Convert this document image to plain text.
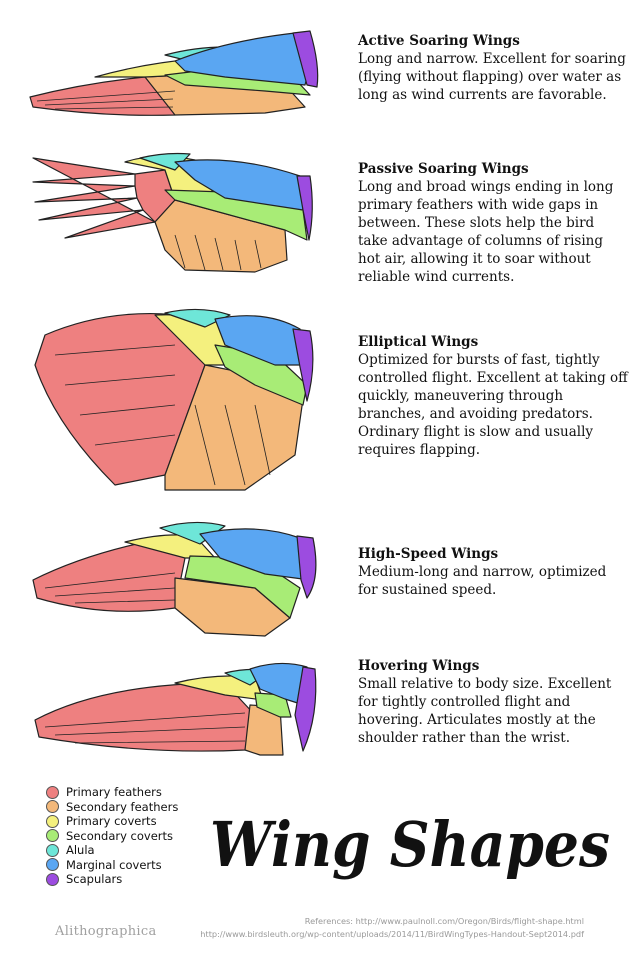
Active Soaring Wings
Long and narrow. Excellent for soaring (flying without flapping) over water as long as wind currents are favorable.
Passive Soaring Wings
Long and broad wings ending in long primary feathers with wide gaps in between. These slots help the bird take advantage of columns of rising hot air, allowing it to soar without reliable wind currents.
Elliptical Wings
Optimized for bursts of fast, tightly controlled flight. Excellent at taking off quickly, maneuvering through branches, and avoiding predators. Ordinary flight is slow and usually requires flapping.
High-Speed Wings
Medium-long and narrow, optimized for sustained speed.
Hovering Wings
Small relative to body size. Excellent for tightly controlled flight and hovering. Articulates mostly at the shoulder rather than the wrist.
Primary feathers
Secondary feathers
Primary coverts
Secondary coverts
Alula
Marginal coverts
Scapulars Wing Shapes
Alithographica
References: http://www.paulnoll.com/Oregon/Birds/flight-shape.html
http://www.birdsleuth.org/wp-content/uploads/2014/11/BirdWingTypes-Handout-Sept2014.pdf
